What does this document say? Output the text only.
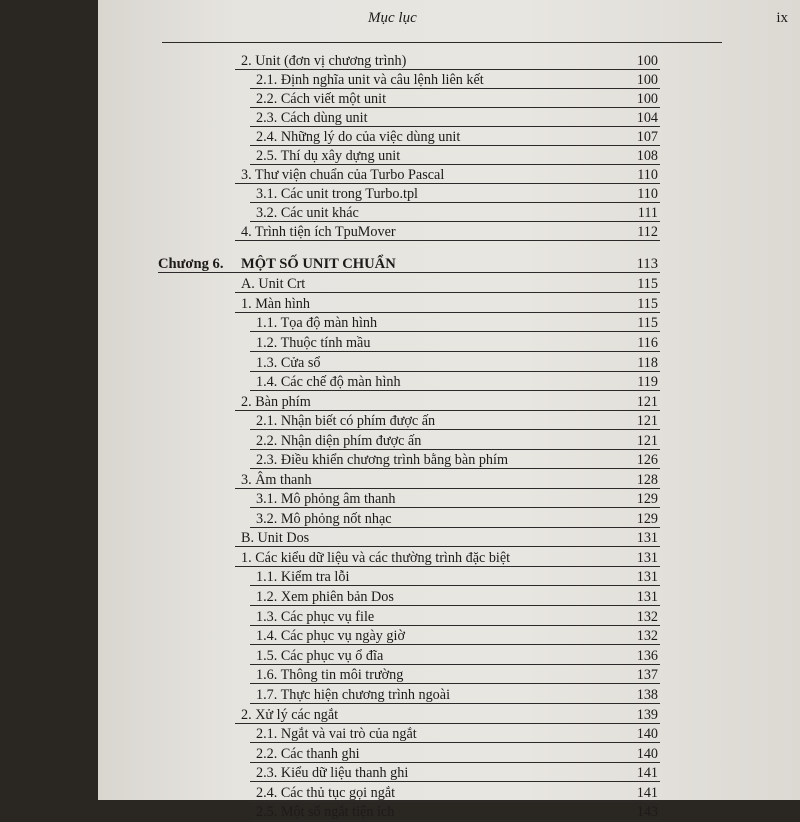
Mục lục	ix
2. Unit (đơn vị chương trình)	100
2.1. Định nghĩa unit và câu lệnh liên kết	100
2.2. Cách viết một unit	100
2.3. Cách dùng unit	104
2.4. Những lý do của việc dùng unit	107
2.5. Thí dụ xây dựng unit	108
3. Thư viện chuẩn của Turbo Pascal	110
3.1. Các unit trong Turbo.tpl	110
3.2. Các unit khác	111
4. Trình tiện ích TpuMover	112
Chương 6. MỘT SỐ UNIT CHUẨN	113
A. Unit Crt	115
1. Màn hình	115
1.1. Tọa độ màn hình	115
1.2. Thuộc tính mầu	116
1.3. Cửa sổ	118
1.4. Các chế độ màn hình	119
2. Bàn phím	121
2.1. Nhận biết có phím được ấn	121
2.2. Nhận diện phím được ấn	121
2.3. Điều khiển chương trình bằng bàn phím	126
3. Âm thanh	128
3.1. Mô phỏng âm thanh	129
3.2. Mô phỏng nốt nhạc	129
B. Unit Dos	131
1. Các kiểu dữ liệu và các thường trình đặc biệt	131
1.1. Kiểm tra lỗi	131
1.2. Xem phiên bản Dos	131
1.3. Các phục vụ file	132
1.4. Các phục vụ ngày giờ	132
1.5. Các phục vụ ổ đĩa	136
1.6. Thông tin môi trường	137
1.7. Thực hiện chương trình ngoài	138
2. Xử lý các ngắt	139
2.1. Ngắt và vai trò của ngắt	140
2.2. Các thanh ghi	140
2.3. Kiểu dữ liệu thanh ghi	141
2.4. Các thủ tục gọi ngắt	141
2.5. Một số ngắt tiện ích	143
